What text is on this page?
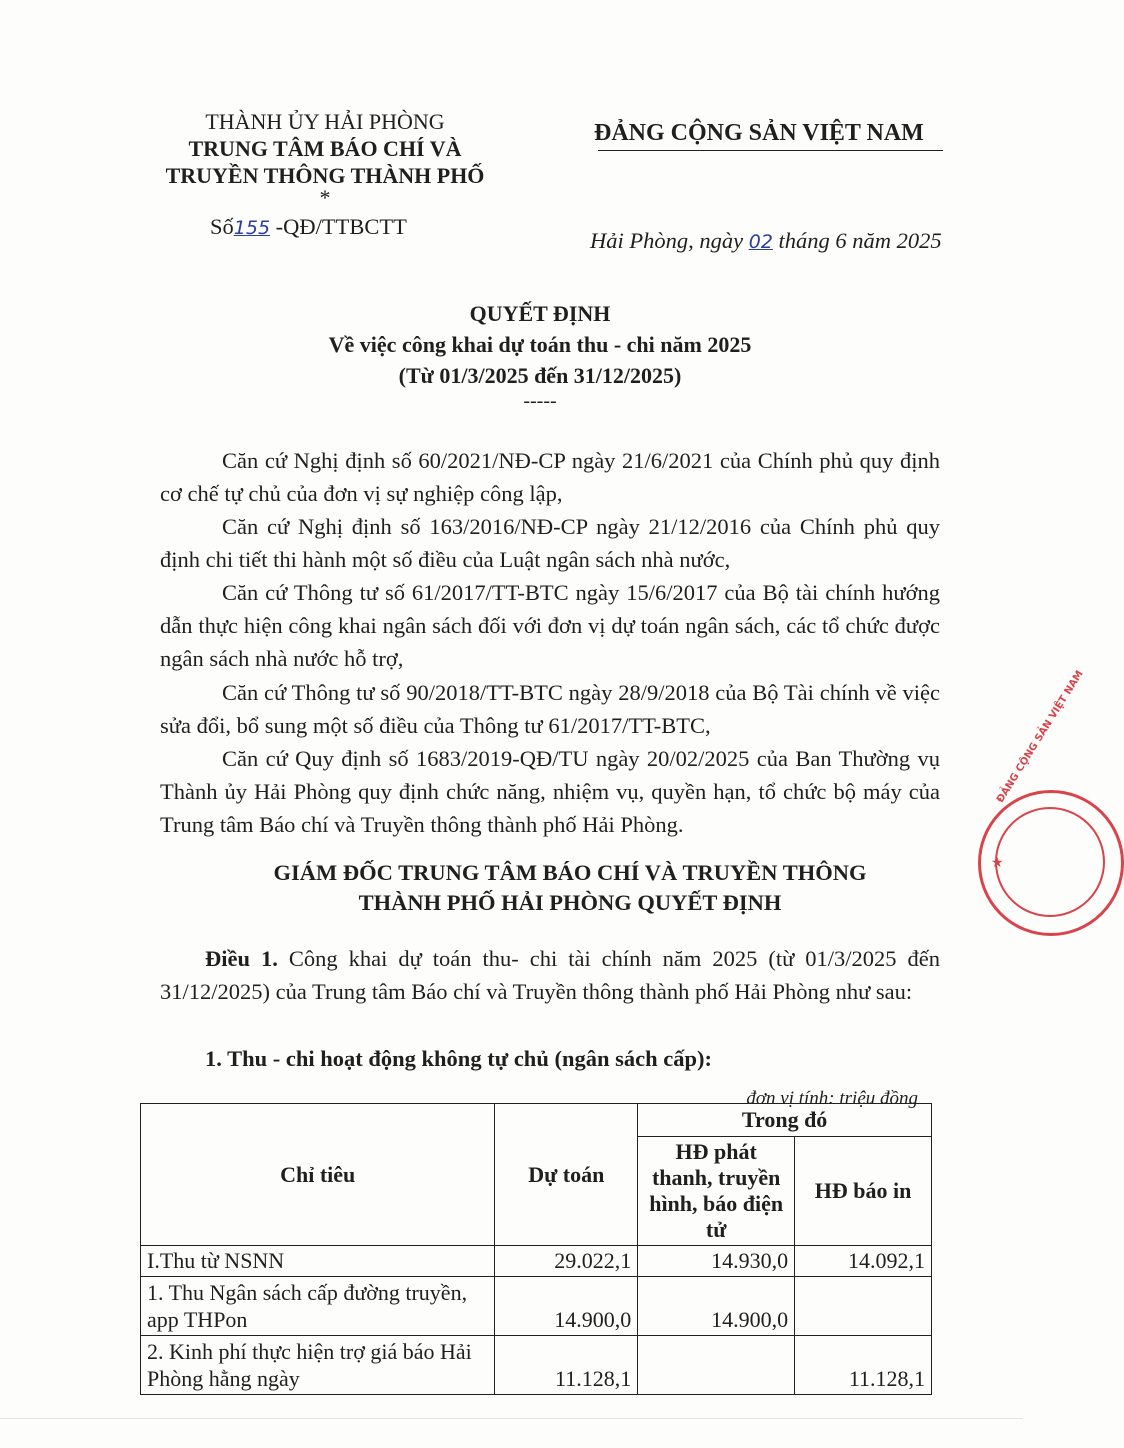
THÀNH ỦY HẢI PHÒNG
TRUNG TÂM BÁO CHÍ VÀ
TRUYỀN THÔNG THÀNH PHỐ
*
Số155 -QĐ/TTBCTT
ĐẢNG CỘNG SẢN VIỆT NAM
Hải Phòng, ngày 02 tháng 6 năm 2025
QUYẾT ĐỊNH
Về việc công khai dự toán thu - chi năm 2025
(Từ 01/3/2025 đến 31/12/2025)
-----
Căn cứ Nghị định số 60/2021/NĐ-CP ngày 21/6/2021 của Chính phủ quy định cơ chế tự chủ của đơn vị sự nghiệp công lập,
Căn cứ Nghị định số 163/2016/NĐ-CP ngày 21/12/2016 của Chính phủ quy định chi tiết thi hành một số điều của Luật ngân sách nhà nước,
Căn cứ Thông tư số 61/2017/TT-BTC ngày 15/6/2017 của Bộ tài chính hướng dẫn thực hiện công khai ngân sách đối với đơn vị dự toán ngân sách, các tổ chức được ngân sách nhà nước hỗ trợ,
Căn cứ Thông tư số 90/2018/TT-BTC ngày 28/9/2018 của Bộ Tài chính về việc sửa đổi, bổ sung một số điều của Thông tư 61/2017/TT-BTC,
Căn cứ Quy định số 1683/2019-QĐ/TU ngày 20/02/2025 của Ban Thường vụ Thành ủy Hải Phòng quy định chức năng, nhiệm vụ, quyền hạn, tổ chức bộ máy của Trung tâm Báo chí và Truyền thông thành phố Hải Phòng.
GIÁM ĐỐC TRUNG TÂM BÁO CHÍ VÀ TRUYỀN THÔNG
THÀNH PHỐ HẢI PHÒNG QUYẾT ĐỊNH
Điều 1. Công khai dự toán thu- chi tài chính năm 2025 (từ 01/3/2025 đến 31/12/2025) của Trung tâm Báo chí và Truyền thông thành phố Hải Phòng như sau:
1. Thu - chi hoạt động không tự chủ (ngân sách cấp):
đơn vị tính: triệu đồng
Chỉ tiêu	Dự toán	Trong đó	
		HĐ phát thanh, truyền hình, báo điện tử	HĐ báo in
I.Thu từ NSNN	29.022,1	14.930,0	14.092,1
1. Thu Ngân sách cấp đường truyền, app THPon	14.900,0	14.900,0	
2. Kinh phí thực hiện trợ giá báo Hải Phòng hằng ngày	11.128,1		11.128,1
★
ĐẢNG CỘNG SẢN VIỆT NAM
